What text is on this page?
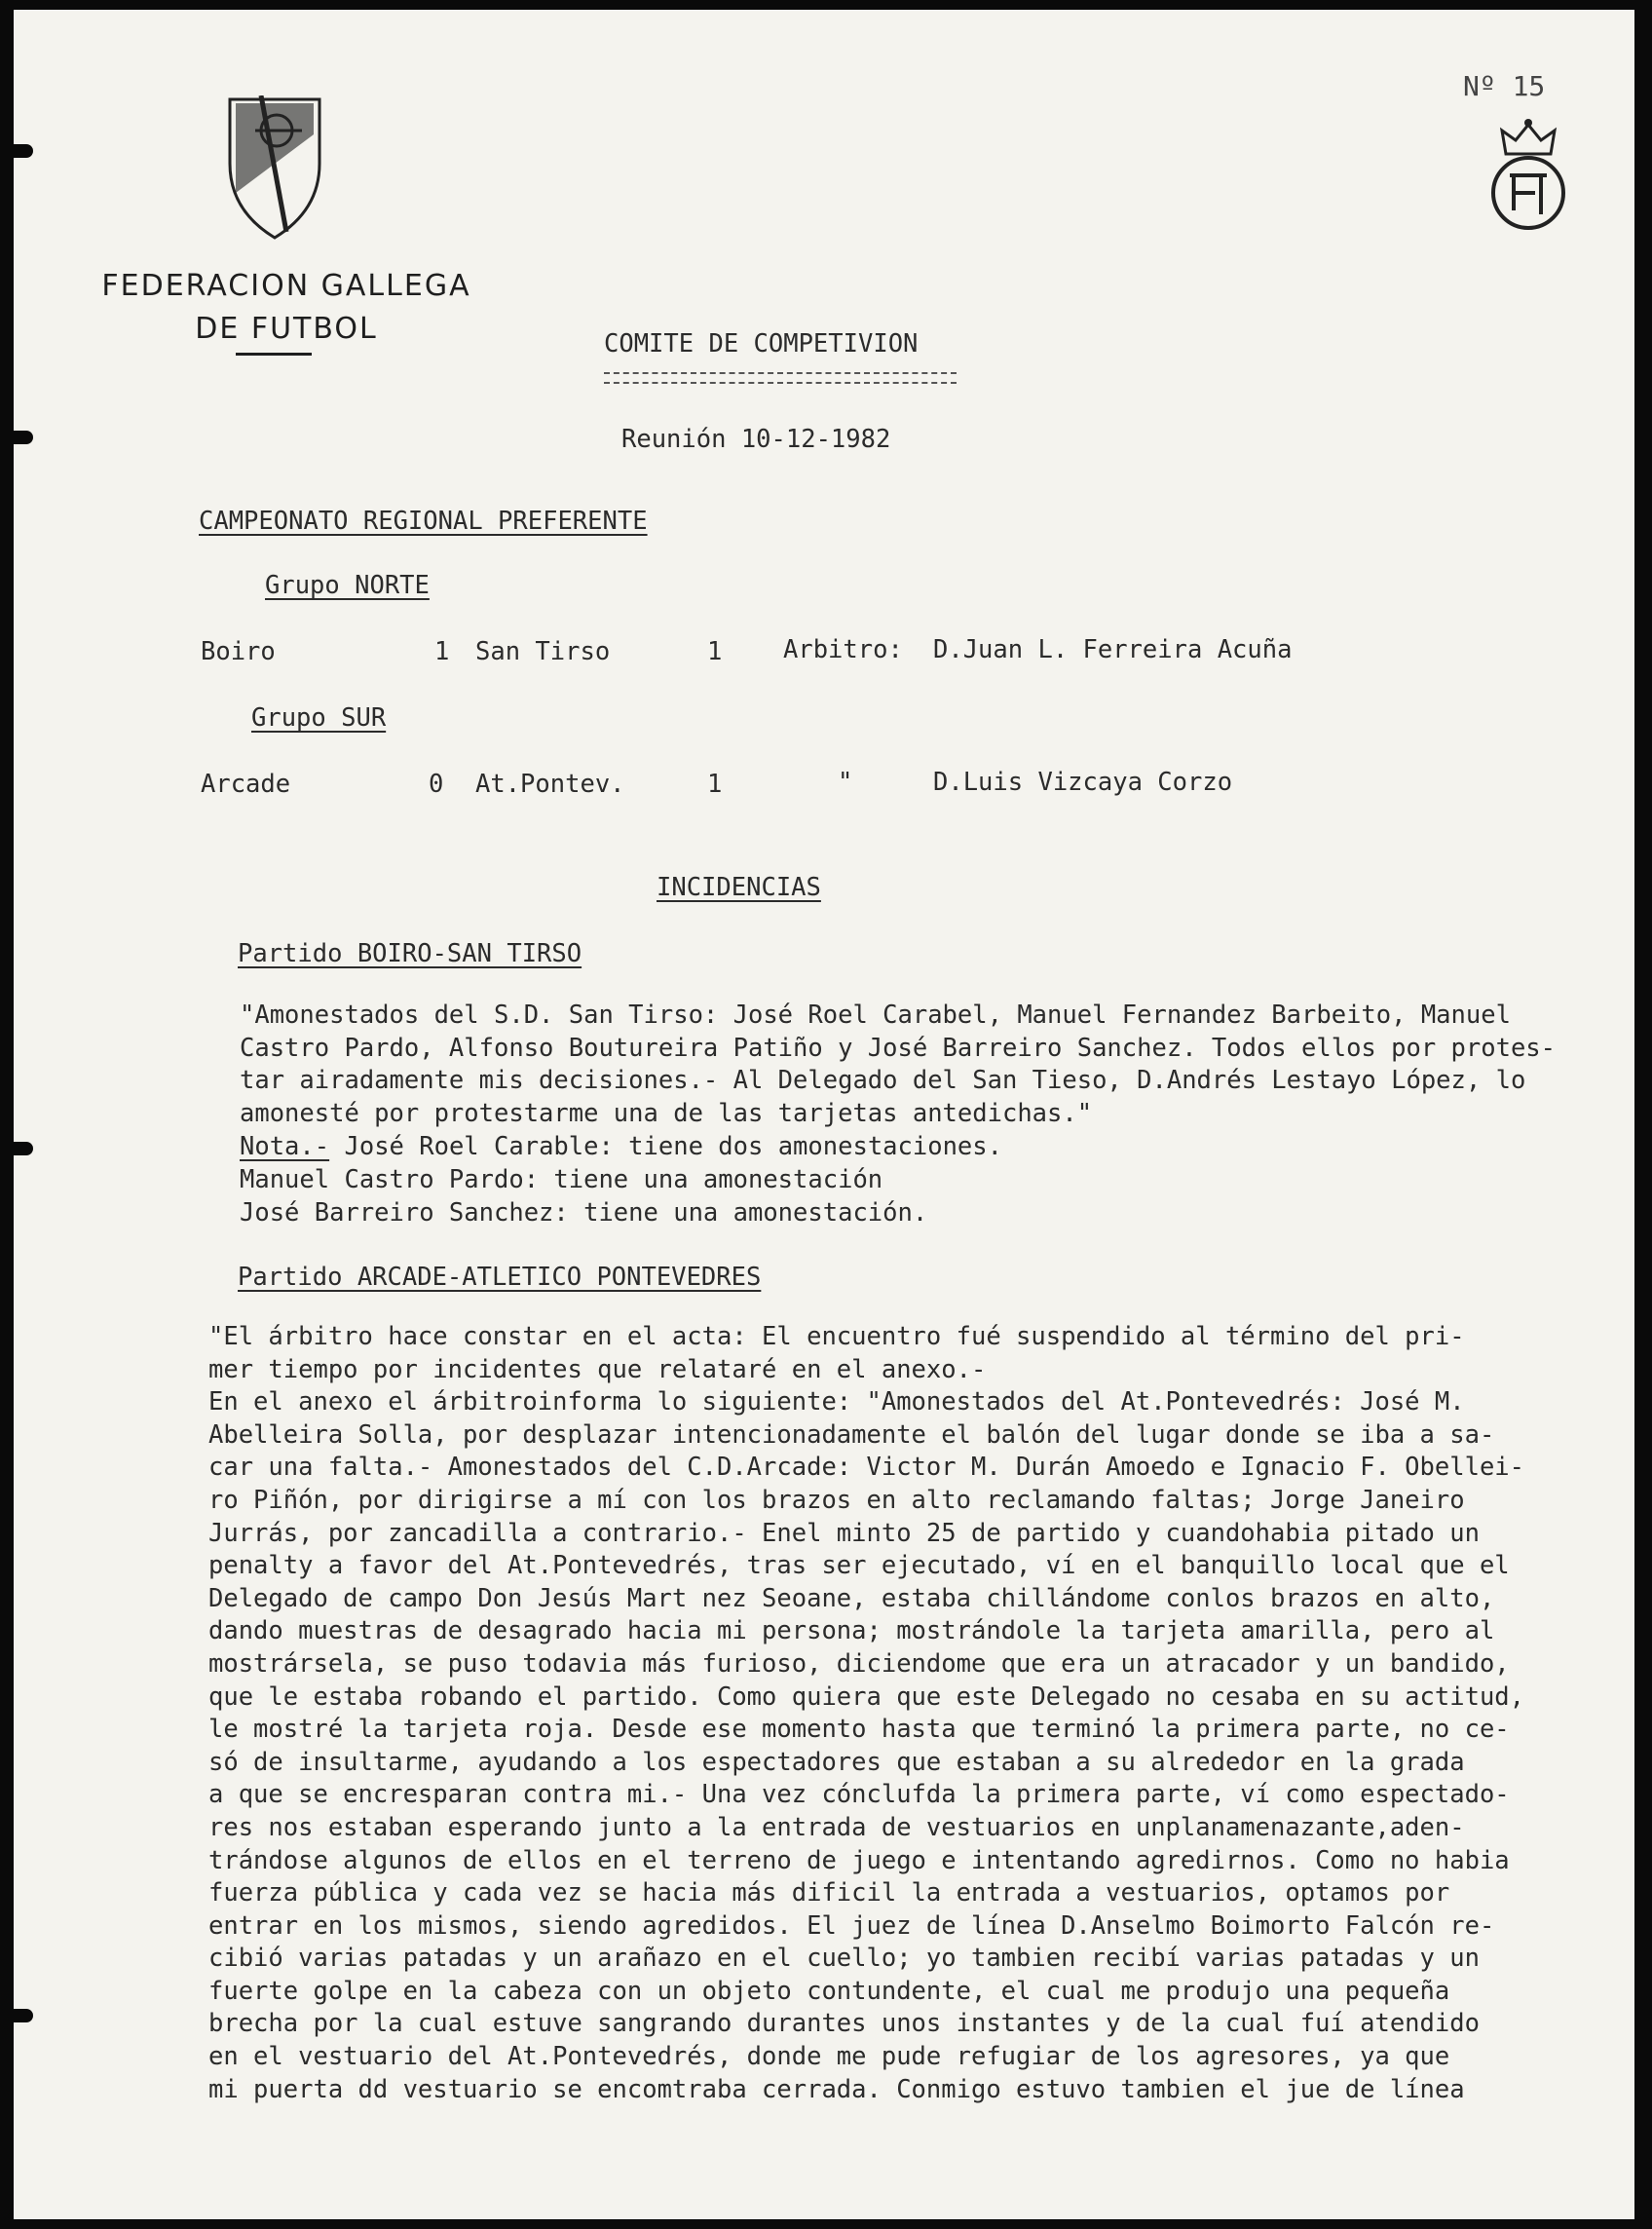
FEDERACION GALLEGA
DE FUTBOL
Nº 15
COMITE DE COMPETIVION
Reunión 10-12-1982
CAMPEONATO REGIONAL PREFERENTE
Grupo NORTE
Boiro	1 San Tirso	1 Arbitro: D.Juan L. Ferreira Acuña
Grupo SUR
Arcade	0 At.Pontev.	1	"	D.Luis Vizcaya Corzo
INCIDENCIAS
Partido BOIRO-SAN TIRSO
"Amonestados del S.D. San Tirso: José Roel Carabel, Manuel Fernandez Barbeito, Manuel
Castro Pardo, Alfonso Boutureira Patiño y José Barreiro Sanchez. Todos ellos por protes-
tar airadamente mis decisiones.- Al Delegado del San Tieso, D.Andrés Lestayo López, lo
amonesté por protestarme una de las tarjetas antedichas."
Nota.- José Roel Carable: tiene dos amonestaciones.
Manuel Castro Pardo: tiene una amonestación
José Barreiro Sanchez: tiene una amonestación.
Partido ARCADE-ATLETICO PONTEVEDRES
"El árbitro hace constar en el acta: El encuentro fué suspendido al término del pri-
mer tiempo por incidentes que relataré en el anexo.-
En el anexo el árbitroinforma lo siguiente: "Amonestados del At.Pontevedrés: José M.
Abelleira Solla, por desplazar intencionadamente el balón del lugar donde se iba a sa-
car una falta.- Amonestados del C.D.Arcade: Victor M. Durán Amoedo e Ignacio F. Obellei-
ro Piñón, por dirigirse a mí con los brazos en alto reclamando faltas; Jorge Janeiro
Jurrás, por zancadilla a contrario.- Enel minto 25 de partido y cuandohabia pitado un
penalty a favor del At.Pontevedrés, tras ser ejecutado, ví en el banquillo local que el
Delegado de campo Don Jesús Mart nez Seoane, estaba chillándome conlos brazos en alto,
dando muestras de desagrado hacia mi persona; mostrándole la tarjeta amarilla, pero al
mostrársela, se puso todavia más furioso, diciendome que era un atracador y un bandido,
que le estaba robando el partido. Como quiera que este Delegado no cesaba en su actitud,
le mostré la tarjeta roja. Desde ese momento hasta que terminó la primera parte, no ce-
só de insultarme, ayudando a los espectadores que estaban a su alrededor en la grada
a que se encresparan contra mi.- Una vez cónclufda la primera parte, ví como espectado-
res nos estaban esperando junto a la entrada de vestuarios en unplanamenazante,aden-
trándose algunos de ellos en el terreno de juego e intentando agredirnos. Como no habia
fuerza pública y cada vez se hacia más dificil la entrada a vestuarios, optamos por
entrar en los mismos, siendo agredidos. El juez de línea D.Anselmo Boimorto Falcón re-
cibió varias patadas y un arañazo en el cuello; yo tambien recibí varias patadas y un
fuerte golpe en la cabeza con un objeto contundente, el cual me produjo una pequeña
brecha por la cual estuve sangrando durantes unos instantes y de la cual fuí atendido
en el vestuario del At.Pontevedrés, donde me pude refugiar de los agresores, ya que
mi puerta dd vestuario se encomtraba cerrada. Conmigo estuvo tambien el jue de línea
